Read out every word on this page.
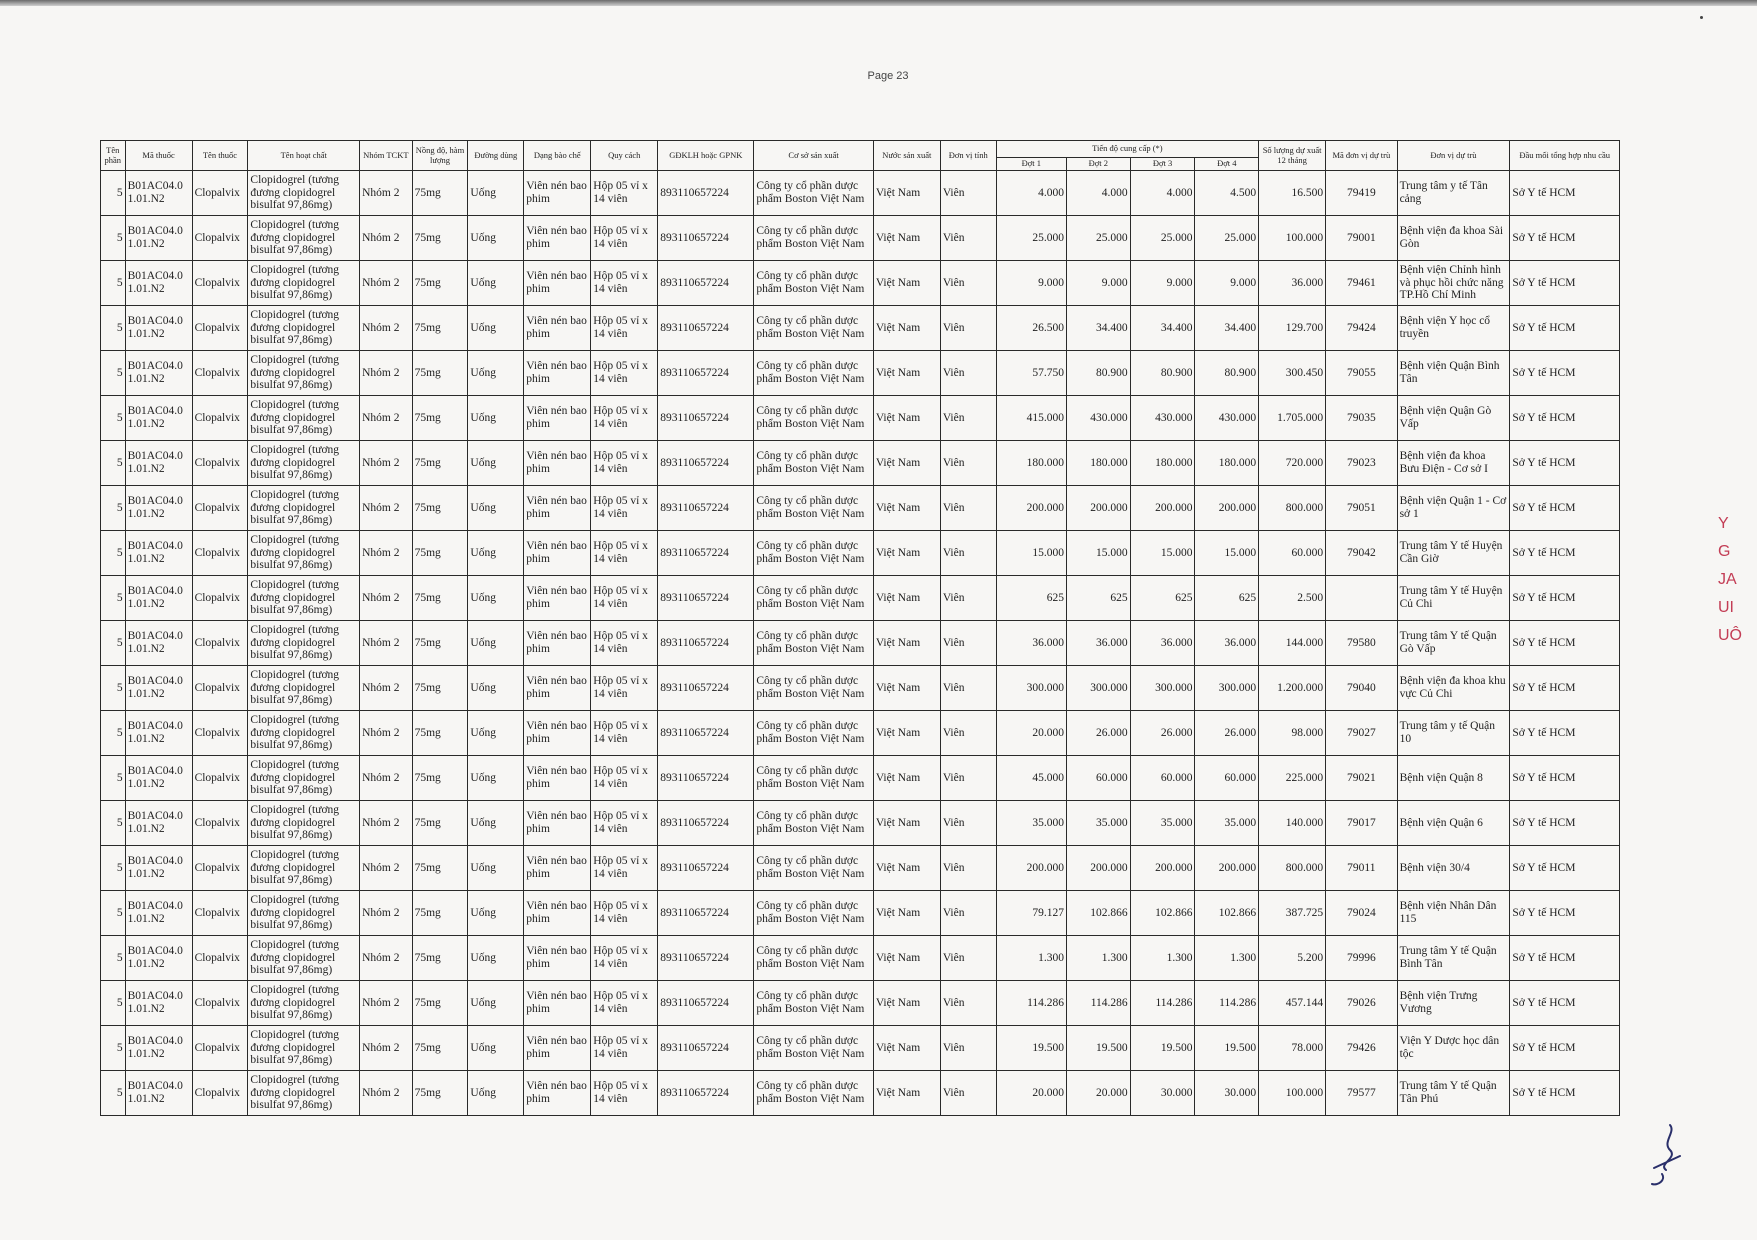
Page 23
Tên phần	Mã thuốc	Tên thuốc	Tên hoạt chất	Nhóm TCKT	Nồng độ, hàm lượng	Đường dùng	Dạng bào chế	Quy cách	GĐKLH hoặc GPNK	Cơ sở sản xuất	Nước sản xuất	Đơn vị tính	Tiến độ cung cấp (*)				Số lượng dự xuất 12 tháng	Mã đơn vị dự trù	Đơn vị dự trù	Đầu mối tổng hợp nhu cầu
													Đợt 1	Đợt 2	Đợt 3	Đợt 4				
5	B01AC04.0 1.01.N2	Clopalvix	Clopidogrel (tương đương clopidogrel bisulfat 97,86mg)	Nhóm 2	75mg	Uống	Viên nén bao phim	Hộp 05 vỉ x 14 viên	893110657224	Công ty cổ phần dược phẩm Boston Việt Nam	Việt Nam	Viên	4.000	4.000	4.000	4.500	16.500	79419	Trung tâm y tế Tân cảng	Sở Y tế HCM
5	B01AC04.0 1.01.N2	Clopalvix	Clopidogrel (tương đương clopidogrel bisulfat 97,86mg)	Nhóm 2	75mg	Uống	Viên nén bao phim	Hộp 05 vỉ x 14 viên	893110657224	Công ty cổ phần dược phẩm Boston Việt Nam	Việt Nam	Viên	25.000	25.000	25.000	25.000	100.000	79001	Bệnh viện đa khoa Sài Gòn	Sở Y tế HCM
5	B01AC04.0 1.01.N2	Clopalvix	Clopidogrel (tương đương clopidogrel bisulfat 97,86mg)	Nhóm 2	75mg	Uống	Viên nén bao phim	Hộp 05 vỉ x 14 viên	893110657224	Công ty cổ phần dược phẩm Boston Việt Nam	Việt Nam	Viên	9.000	9.000	9.000	9.000	36.000	79461	Bệnh viện Chỉnh hình và phục hồi chức năng TP.Hồ Chí Minh	Sở Y tế HCM
5	B01AC04.0 1.01.N2	Clopalvix	Clopidogrel (tương đương clopidogrel bisulfat 97,86mg)	Nhóm 2	75mg	Uống	Viên nén bao phim	Hộp 05 vỉ x 14 viên	893110657224	Công ty cổ phần dược phẩm Boston Việt Nam	Việt Nam	Viên	26.500	34.400	34.400	34.400	129.700	79424	Bệnh viện Y học cổ truyền	Sở Y tế HCM
5	B01AC04.0 1.01.N2	Clopalvix	Clopidogrel (tương đương clopidogrel bisulfat 97,86mg)	Nhóm 2	75mg	Uống	Viên nén bao phim	Hộp 05 vỉ x 14 viên	893110657224	Công ty cổ phần dược phẩm Boston Việt Nam	Việt Nam	Viên	57.750	80.900	80.900	80.900	300.450	79055	Bệnh viện Quận Bình Tân	Sở Y tế HCM
5	B01AC04.0 1.01.N2	Clopalvix	Clopidogrel (tương đương clopidogrel bisulfat 97,86mg)	Nhóm 2	75mg	Uống	Viên nén bao phim	Hộp 05 vỉ x 14 viên	893110657224	Công ty cổ phần dược phẩm Boston Việt Nam	Việt Nam	Viên	415.000	430.000	430.000	430.000	1.705.000	79035	Bệnh viện Quận Gò Vấp	Sở Y tế HCM
5	B01AC04.0 1.01.N2	Clopalvix	Clopidogrel (tương đương clopidogrel bisulfat 97,86mg)	Nhóm 2	75mg	Uống	Viên nén bao phim	Hộp 05 vỉ x 14 viên	893110657224	Công ty cổ phần dược phẩm Boston Việt Nam	Việt Nam	Viên	180.000	180.000	180.000	180.000	720.000	79023	Bệnh viện đa khoa Bưu Điện - Cơ sở I	Sở Y tế HCM
5	B01AC04.0 1.01.N2	Clopalvix	Clopidogrel (tương đương clopidogrel bisulfat 97,86mg)	Nhóm 2	75mg	Uống	Viên nén bao phim	Hộp 05 vỉ x 14 viên	893110657224	Công ty cổ phần dược phẩm Boston Việt Nam	Việt Nam	Viên	200.000	200.000	200.000	200.000	800.000	79051	Bệnh viện Quận 1 - Cơ sở 1	Sở Y tế HCM
5	B01AC04.0 1.01.N2	Clopalvix	Clopidogrel (tương đương clopidogrel bisulfat 97,86mg)	Nhóm 2	75mg	Uống	Viên nén bao phim	Hộp 05 vỉ x 14 viên	893110657224	Công ty cổ phần dược phẩm Boston Việt Nam	Việt Nam	Viên	15.000	15.000	15.000	15.000	60.000	79042	Trung tâm Y tế Huyện Cần Giờ	Sở Y tế HCM
5	B01AC04.0 1.01.N2	Clopalvix	Clopidogrel (tương đương clopidogrel bisulfat 97,86mg)	Nhóm 2	75mg	Uống	Viên nén bao phim	Hộp 05 vỉ x 14 viên	893110657224	Công ty cổ phần dược phẩm Boston Việt Nam	Việt Nam	Viên	625	625	625	625	2.500		Trung tâm Y tế Huyện Củ Chi	Sở Y tế HCM
5	B01AC04.0 1.01.N2	Clopalvix	Clopidogrel (tương đương clopidogrel bisulfat 97,86mg)	Nhóm 2	75mg	Uống	Viên nén bao phim	Hộp 05 vỉ x 14 viên	893110657224	Công ty cổ phần dược phẩm Boston Việt Nam	Việt Nam	Viên	36.000	36.000	36.000	36.000	144.000	79580	Trung tâm Y tế Quận Gò Vấp	Sở Y tế HCM
5	B01AC04.0 1.01.N2	Clopalvix	Clopidogrel (tương đương clopidogrel bisulfat 97,86mg)	Nhóm 2	75mg	Uống	Viên nén bao phim	Hộp 05 vỉ x 14 viên	893110657224	Công ty cổ phần dược phẩm Boston Việt Nam	Việt Nam	Viên	300.000	300.000	300.000	300.000	1.200.000	79040	Bệnh viện đa khoa khu vực Củ Chi	Sở Y tế HCM
5	B01AC04.0 1.01.N2	Clopalvix	Clopidogrel (tương đương clopidogrel bisulfat 97,86mg)	Nhóm 2	75mg	Uống	Viên nén bao phim	Hộp 05 vỉ x 14 viên	893110657224	Công ty cổ phần dược phẩm Boston Việt Nam	Việt Nam	Viên	20.000	26.000	26.000	26.000	98.000	79027	Trung tâm y tế Quận 10	Sở Y tế HCM
5	B01AC04.0 1.01.N2	Clopalvix	Clopidogrel (tương đương clopidogrel bisulfat 97,86mg)	Nhóm 2	75mg	Uống	Viên nén bao phim	Hộp 05 vỉ x 14 viên	893110657224	Công ty cổ phần dược phẩm Boston Việt Nam	Việt Nam	Viên	45.000	60.000	60.000	60.000	225.000	79021	Bệnh viện Quận 8	Sở Y tế HCM
5	B01AC04.0 1.01.N2	Clopalvix	Clopidogrel (tương đương clopidogrel bisulfat 97,86mg)	Nhóm 2	75mg	Uống	Viên nén bao phim	Hộp 05 vỉ x 14 viên	893110657224	Công ty cổ phần dược phẩm Boston Việt Nam	Việt Nam	Viên	35.000	35.000	35.000	35.000	140.000	79017	Bệnh viện Quận 6	Sở Y tế HCM
5	B01AC04.0 1.01.N2	Clopalvix	Clopidogrel (tương đương clopidogrel bisulfat 97,86mg)	Nhóm 2	75mg	Uống	Viên nén bao phim	Hộp 05 vỉ x 14 viên	893110657224	Công ty cổ phần dược phẩm Boston Việt Nam	Việt Nam	Viên	200.000	200.000	200.000	200.000	800.000	79011	Bệnh viện 30/4	Sở Y tế HCM
5	B01AC04.0 1.01.N2	Clopalvix	Clopidogrel (tương đương clopidogrel bisulfat 97,86mg)	Nhóm 2	75mg	Uống	Viên nén bao phim	Hộp 05 vỉ x 14 viên	893110657224	Công ty cổ phần dược phẩm Boston Việt Nam	Việt Nam	Viên	79.127	102.866	102.866	102.866	387.725	79024	Bệnh viện Nhân Dân 115	Sở Y tế HCM
5	B01AC04.0 1.01.N2	Clopalvix	Clopidogrel (tương đương clopidogrel bisulfat 97,86mg)	Nhóm 2	75mg	Uống	Viên nén bao phim	Hộp 05 vỉ x 14 viên	893110657224	Công ty cổ phần dược phẩm Boston Việt Nam	Việt Nam	Viên	1.300	1.300	1.300	1.300	5.200	79996	Trung tâm Y tế Quận Bình Tân	Sở Y tế HCM
5	B01AC04.0 1.01.N2	Clopalvix	Clopidogrel (tương đương clopidogrel bisulfat 97,86mg)	Nhóm 2	75mg	Uống	Viên nén bao phim	Hộp 05 vỉ x 14 viên	893110657224	Công ty cổ phần dược phẩm Boston Việt Nam	Việt Nam	Viên	114.286	114.286	114.286	114.286	457.144	79026	Bệnh viện Trưng Vương	Sở Y tế HCM
5	B01AC04.0 1.01.N2	Clopalvix	Clopidogrel (tương đương clopidogrel bisulfat 97,86mg)	Nhóm 2	75mg	Uống	Viên nén bao phim	Hộp 05 vỉ x 14 viên	893110657224	Công ty cổ phần dược phẩm Boston Việt Nam	Việt Nam	Viên	19.500	19.500	19.500	19.500	78.000	79426	Viện Y Dược học dân tộc	Sở Y tế HCM
5	B01AC04.0 1.01.N2	Clopalvix	Clopidogrel (tương đương clopidogrel bisulfat 97,86mg)	Nhóm 2	75mg	Uống	Viên nén bao phim	Hộp 05 vỉ x 14 viên	893110657224	Công ty cổ phần dược phẩm Boston Việt Nam	Việt Nam	Viên	20.000	20.000	30.000	30.000	100.000	79577	Trung tâm Y tế Quận Tân Phú	Sở Y tế HCM
Y
G
JA
UI
UÔ
